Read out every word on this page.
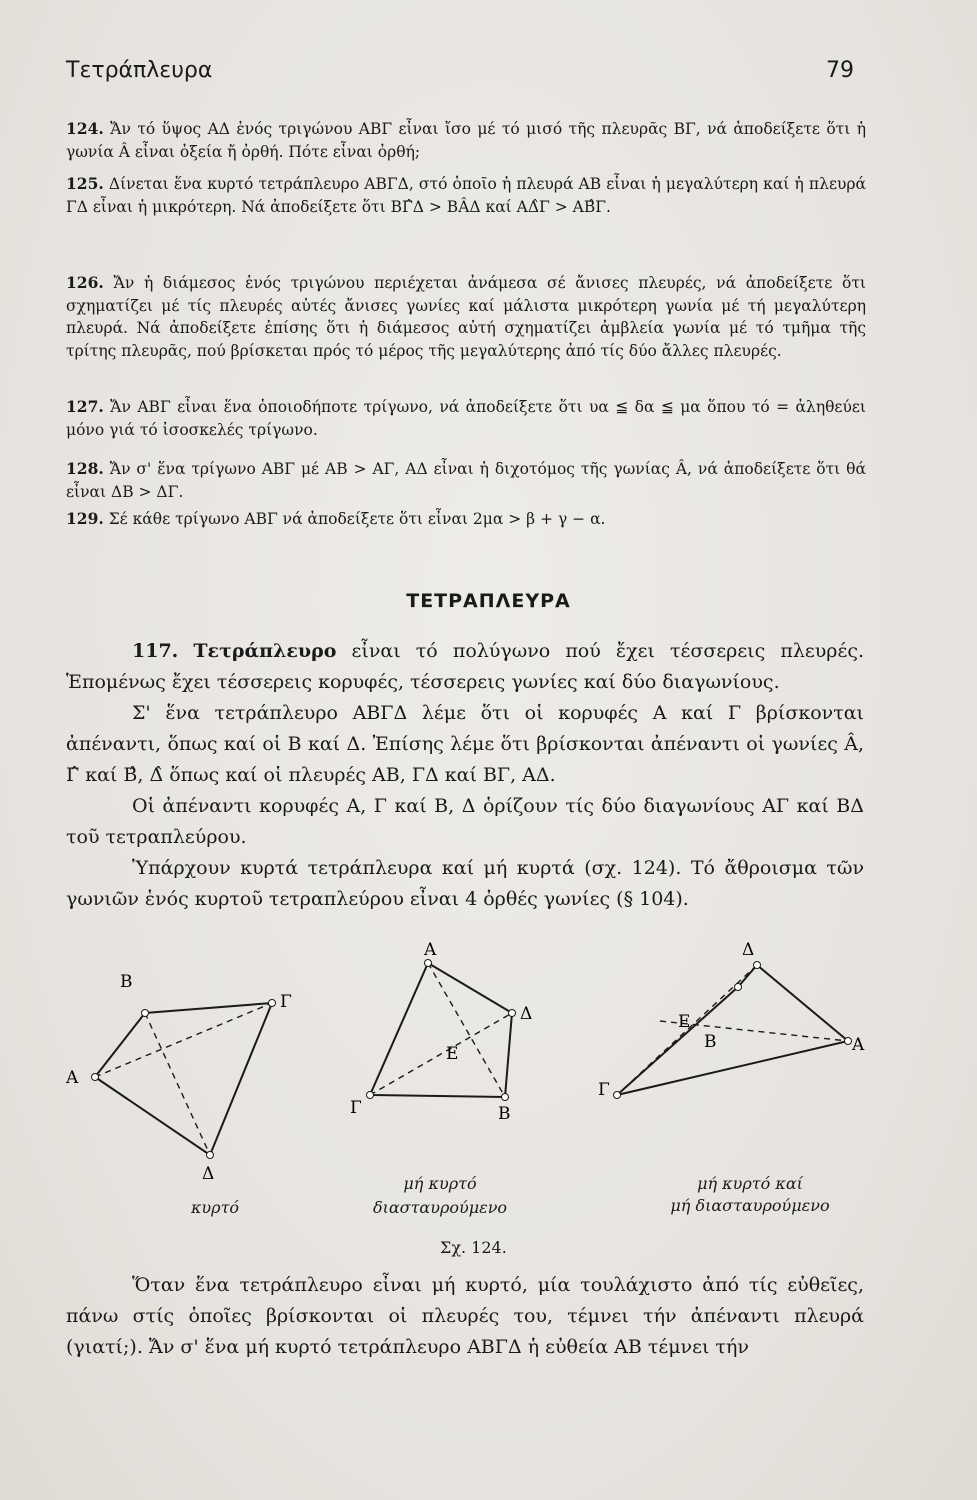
Τετράπλευρα	79
124. Ἄν τό ὕψος ΑΔ ἑνός τριγώνου ΑΒΓ εἶναι ἴσο μέ τό μισό τῆς πλευρᾶς ΒΓ, νά ἀποδείξετε ὅτι ἡ γωνία Â εἶναι ὀξεία ἤ ὀρθή. Πότε εἶναι ὀρθή;
125. Δίνεται ἕνα κυρτό τετράπλευρο ΑΒΓΔ, στό ὁποῖο ἡ πλευρά ΑΒ εἶναι ἡ μεγαλύτερη καί ἡ πλευρά ΓΔ εἶναι ἡ μικρότερη. Νά ἀποδείξετε ὅτι ΒΓ̂Δ > ΒÂΔ καί ΑΔ̂Γ > ΑΒ̂Γ.
126. Ἄν ἡ διάμεσος ἑνός τριγώνου περιέχεται ἀνάμεσα σέ ἄνισες πλευρές, νά ἀποδείξετε ὅτι σχηματίζει μέ τίς πλευρές αὐτές ἄνισες γωνίες καί μάλιστα μικρότερη γωνία μέ τή μεγαλύτερη πλευρά. Νά ἀποδείξετε ἐπίσης ὅτι ἡ διάμεσος αὐτή σχηματίζει ἀμβλεία γωνία μέ τό τμῆμα τῆς τρίτης πλευρᾶς, πού βρίσκεται πρός τό μέρος τῆς μεγαλύτερης ἀπό τίς δύο ἄλλες πλευρές.
127. Ἄν ΑΒΓ εἶναι ἕνα ὁποιοδήποτε τρίγωνο, νά ἀποδείξετε ὅτι υα ≦ δα ≦ μα ὅπου τό = ἀληθεύει μόνο γιά τό ἰσοσκελές τρίγωνο.
128. Ἄν σ' ἕνα τρίγωνο ΑΒΓ μέ ΑΒ > ΑΓ, ΑΔ εἶναι ἡ διχοτόμος τῆς γωνίας Â, νά ἀποδείξετε ὅτι θά εἶναι ΔΒ > ΔΓ.
129. Σέ κάθε τρίγωνο ΑΒΓ νά ἀποδείξετε ὅτι εἶναι 2μα > β + γ − α.
ΤΕΤΡΑΠΛΕΥΡΑ

117. Τετράπλευρο εἶναι τό πολύγωνο πού ἔχει τέσσερεις πλευρές. Ἑπομένως ἔχει τέσσερεις κορυφές, τέσσερεις γωνίες καί δύο διαγωνίους.

Σ' ἕνα τετράπλευρο ΑΒΓΔ λέμε ὅτι οἱ κορυφές Α καί Γ βρίσκονται ἀπέναντι, ὅπως καί οἱ Β καί Δ. Ἐπίσης λέμε ὅτι βρίσκονται ἀπέναντι οἱ γωνίες Â, Γ̂ καί Β̂, Δ̂ ὅπως καί οἱ πλευρές ΑΒ, ΓΔ καί ΒΓ, ΑΔ.

Οἱ ἀπέναντι κορυφές Α, Γ καί Β, Δ ὁρίζουν τίς δύο διαγωνίους ΑΓ καί ΒΔ τοῦ τετραπλεύρου.

Ὑπάρχουν κυρτά τετράπλευρα καί μή κυρτά (σχ. 124). Τό ἄθροισμα τῶν γωνιῶν ἑνός κυρτοῦ τετραπλεύρου εἶναι 4 ὀρθές γωνίες (§ 104).

Β
Γ
Α
Δ
Α
Ε
Δ
Γ	Β
Δ
Ε
Β	Α
Γ
κυρτό
μή κυρτό
διασταυρούμενο
μή κυρτό καί
μή διασταυρούμενο
Σχ. 124.

Ὅταν ἕνα τετράπλευρο εἶναι μή κυρτό, μία τουλάχιστο ἀπό τίς εὐθεῖες, πάνω στίς ὁποῖες βρίσκονται οἱ πλευρές του, τέμνει τήν ἀπέναντι πλευρά (γιατί;). Ἄν σ' ἕνα μή κυρτό τετράπλευρο ΑΒΓΔ ἡ εὐθεία ΑΒ τέμνει τήν
